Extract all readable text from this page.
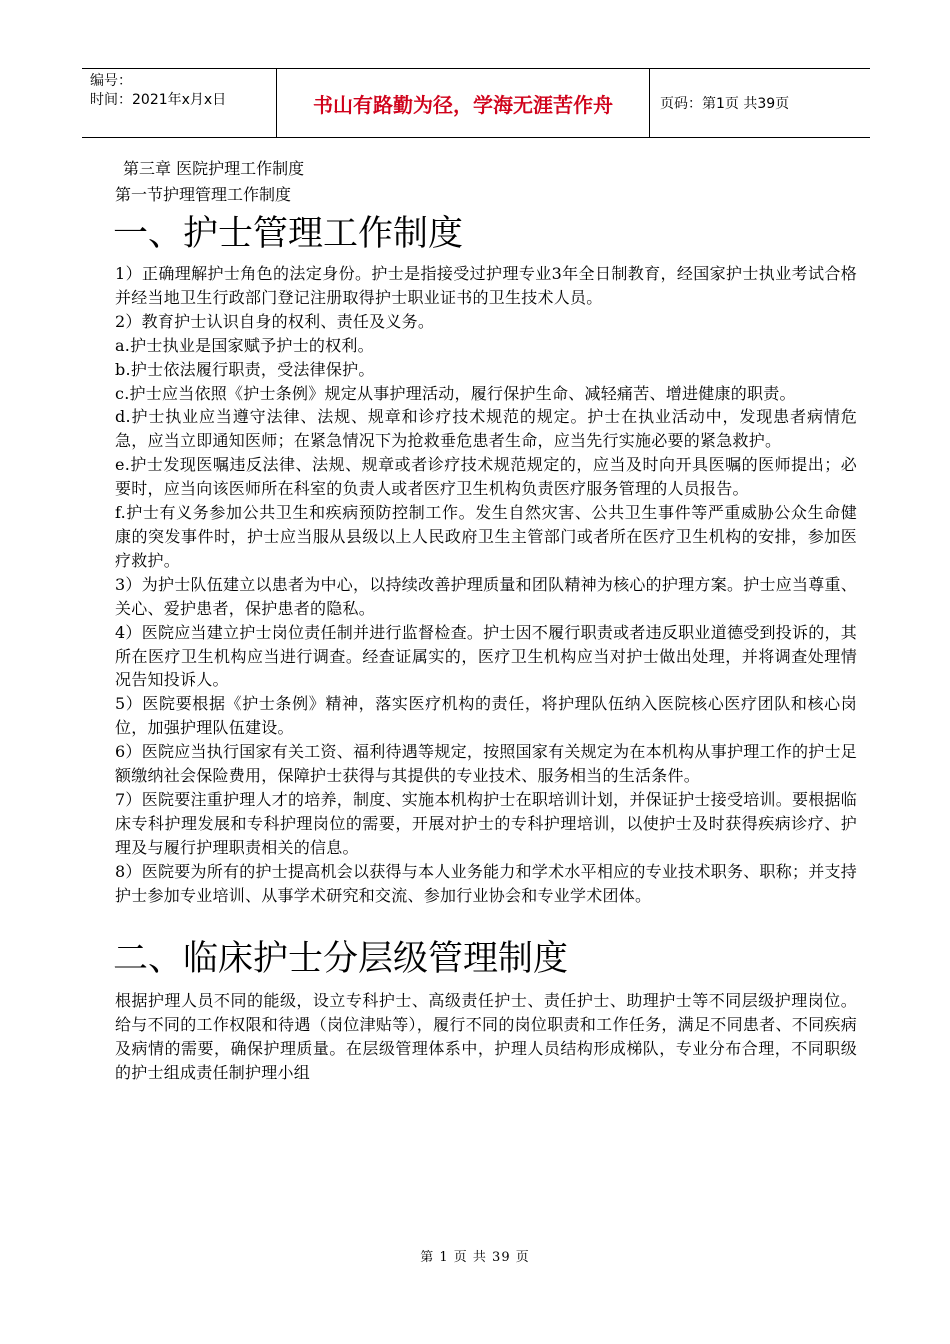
编号：
时间：2021年x月x日	书山有路勤为径，学海无涯苦作舟	页码：第1页 共39页
第三章 医院护理工作制度
第一节护理管理工作制度
一、护士管理工作制度

1）正确理解护士角色的法定身份。护士是指接受过护理专业3年全日制教育，经国家护士执业考试合格并经当地卫生行政部门登记注册取得护士职业证书的卫生技术人员。

2）教育护士认识自身的权利、责任及义务。

a.护士执业是国家赋予护士的权利。

b.护士依法履行职责，受法律保护。

c.护士应当依照《护士条例》规定从事护理活动，履行保护生命、减轻痛苦、增进健康的职责。

d.护士执业应当遵守法律、法规、规章和诊疗技术规范的规定。护士在执业活动中，发现患者病情危急，应当立即通知医师；在紧急情况下为抢救垂危患者生命，应当先行实施必要的紧急救护。

e.护士发现医嘱违反法律、法规、规章或者诊疗技术规范规定的，应当及时向开具医嘱的医师提出；必要时，应当向该医师所在科室的负责人或者医疗卫生机构负责医疗服务管理的人员报告。

f.护士有义务参加公共卫生和疾病预防控制工作。发生自然灾害、公共卫生事件等严重威胁公众生命健康的突发事件时，护士应当服从县级以上人民政府卫生主管部门或者所在医疗卫生机构的安排，参加医疗救护。

3）为护士队伍建立以患者为中心，以持续改善护理质量和团队精神为核心的护理方案。护士应当尊重、关心、爱护患者，保护患者的隐私。

4）医院应当建立护士岗位责任制并进行监督检查。护士因不履行职责或者违反职业道德受到投诉的，其所在医疗卫生机构应当进行调查。经查证属实的，医疗卫生机构应当对护士做出处理，并将调查处理情况告知投诉人。

5）医院要根据《护士条例》精神，落实医疗机构的责任，将护理队伍纳入医院核心医疗团队和核心岗位，加强护理队伍建设。

6）医院应当执行国家有关工资、福利待遇等规定，按照国家有关规定为在本机构从事护理工作的护士足额缴纳社会保险费用，保障护士获得与其提供的专业技术、服务相当的生活条件。

7）医院要注重护理人才的培养，制度、实施本机构护士在职培训计划，并保证护士接受培训。要根据临床专科护理发展和专科护理岗位的需要，开展对护士的专科护理培训，以使护士及时获得疾病诊疗、护理及与履行护理职责相关的信息。

8）医院要为所有的护士提高机会以获得与本人业务能力和学术水平相应的专业技术职务、职称；并支持护士参加专业培训、从事学术研究和交流、参加行业协会和专业学术团体。

二、临床护士分层级管理制度

根据护理人员不同的能级，设立专科护士、高级责任护士、责任护士、助理护士等不同层级护理岗位。给与不同的工作权限和待遇（岗位津贴等），履行不同的岗位职责和工作任务，满足不同患者、不同疾病及病情的需要，确保护理质量。在层级管理体系中，护理人员结构形成梯队，专业分布合理，不同职级的护士组成责任制护理小组

第 1 页 共 39 页
